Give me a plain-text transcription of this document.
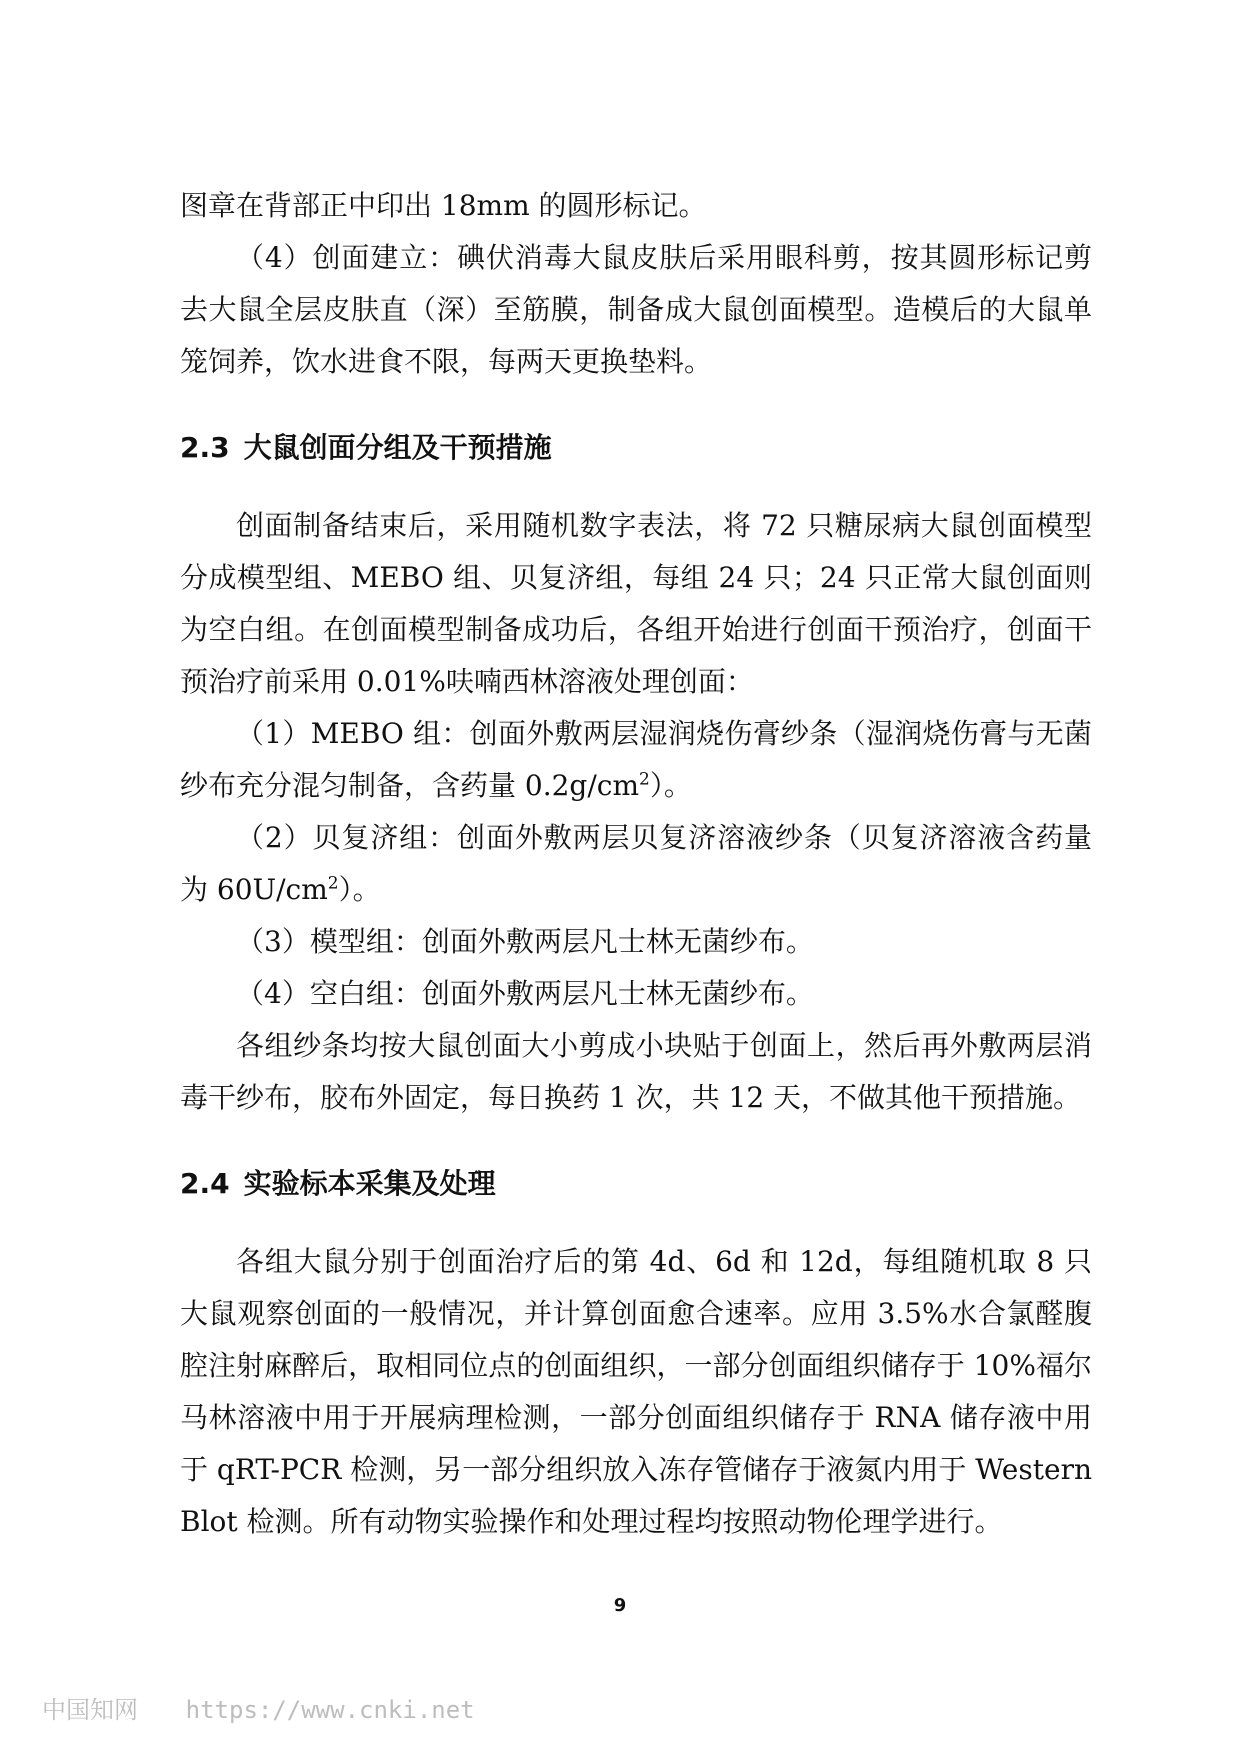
图章在背部正中印出 18mm 的圆形标记。

（4）创面建立：碘伏消毒大鼠皮肤后采用眼科剪，按其圆形标记剪去大鼠全层皮肤直（深）至筋膜，制备成大鼠创面模型。造模后的大鼠单笼饲养，饮水进食不限，每两天更换垫料。

2.3 大鼠创面分组及干预措施

创面制备结束后，采用随机数字表法，将 72 只糖尿病大鼠创面模型分成模型组、MEBO 组、贝复济组，每组 24 只；24 只正常大鼠创面则为空白组。在创面模型制备成功后，各组开始进行创面干预治疗，创面干预治疗前采用 0.01%呋喃西林溶液处理创面：

（1）MEBO 组：创面外敷两层湿润烧伤膏纱条（湿润烧伤膏与无菌纱布充分混匀制备，含药量 $0.2g/cm^2$）。

（2）贝复济组：创面外敷两层贝复济溶液纱条（贝复济溶液含药量为 $60U/cm^2$）。

（3）模型组：创面外敷两层凡士林无菌纱布。

（4）空白组：创面外敷两层凡士林无菌纱布。

各组纱条均按大鼠创面大小剪成小块贴于创面上，然后再外敷两层消毒干纱布，胶布外固定，每日换药 1 次，共 12 天，不做其他干预措施。

2.4 实验标本采集及处理

各组大鼠分别于创面治疗后的第 4d、6d 和 12d，每组随机取 8 只大鼠观察创面的一般情况，并计算创面愈合速率。应用 3.5%水合氯醛腹腔注射麻醉后，取相同位点的创面组织，一部分创面组织储存于 10%福尔马林溶液中用于开展病理检测，一部分创面组织储存于 RNA 储存液中用于 qRT-PCR 检测，另一部分组织放入冻存管储存于液氮内用于 Western Blot 检测。所有动物实验操作和处理过程均按照动物伦理学进行。

9
中国知网 https://www.cnki.net
